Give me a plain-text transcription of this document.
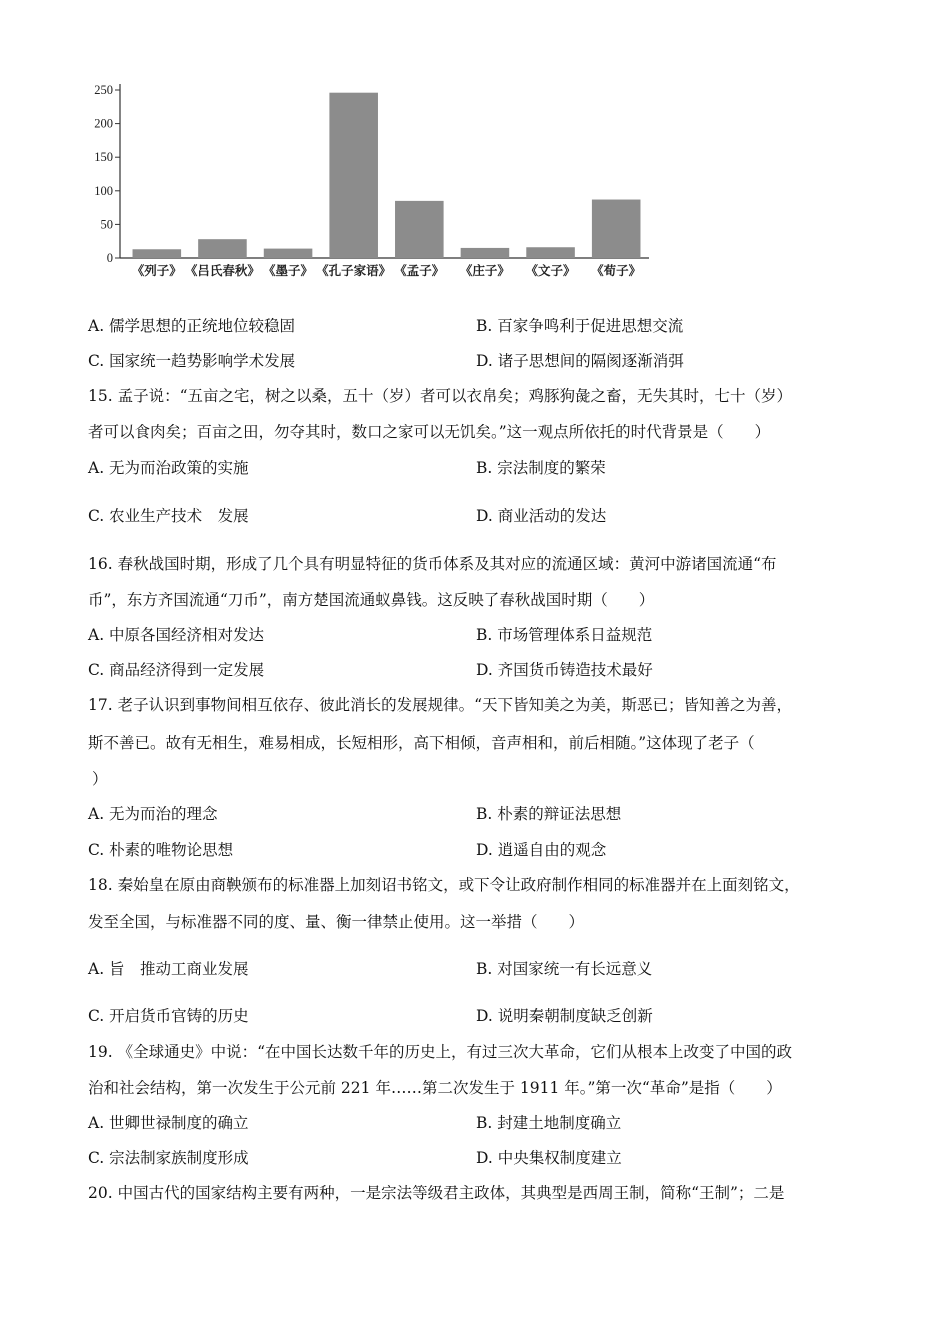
0
50
100
150
200
250
《列子》 《吕氏春秋》 《墨子》 《孔子家语》 《孟子》 《庄子》 《文子》 《荀子》
A. 儒学思想的正统地位较稳固	B. 百家争鸣利于促进思想交流
C. 国家统一趋势影响学术发展	D. 诸子思想间的隔阂逐渐消弭
15. 孟子说：“五亩之宅，树之以桑，五十（岁）者可以衣帛矣；鸡豚狗彘之畜，无失其时，七十（岁）
者可以食肉矣；百亩之田，勿夺其时，数口之家可以无饥矣。”这一观点所依托的时代背景是（　　）
A. 无为而治政策的实施	B. 宗法制度的繁荣
C. 农业生产技术　发展	D. 商业活动的发达
16. 春秋战国时期，形成了几个具有明显特征的货币体系及其对应的流通区域：黄河中游诸国流通“布
币”，东方齐国流通“刀币”，南方楚国流通蚁鼻钱。这反映了春秋战国时期（　　）
A. 中原各国经济相对发达	B. 市场管理体系日益规范
C. 商品经济得到一定发展	D. 齐国货币铸造技术最好
17. 老子认识到事物间相互依存、彼此消长的发展规律。“天下皆知美之为美，斯恶已；皆知善之为善，
斯不善已。故有无相生，难易相成，长短相形，高下相倾，音声相和，前后相随。”这体现了老子（
）
A. 无为而治的理念	B. 朴素的辩证法思想
C. 朴素的唯物论思想	D. 逍遥自由的观念
18. 秦始皇在原由商鞅颁布的标准器上加刻诏书铭文，或下令让政府制作相同的标准器并在上面刻铭文，
发至全国，与标准器不同的度、量、衡一律禁止使用。这一举措（　　）
A. 旨　推动工商业发展	B. 对国家统一有长远意义
C. 开启货币官铸的历史	D. 说明秦朝制度缺乏创新
19. 《全球通史》中说：“在中国长达数千年的历史上，有过三次大革命，它们从根本上改变了中国的政
治和社会结构，第一次发生于公元前 221 年……第二次发生于 1911 年。”第一次“革命”是指（　　）
A. 世卿世禄制度的确立	B. 封建土地制度确立
C. 宗法制家族制度形成	D. 中央集权制度建立
20. 中国古代的国家结构主要有两种，一是宗法等级君主政体，其典型是西周王制，简称“王制”；二是
